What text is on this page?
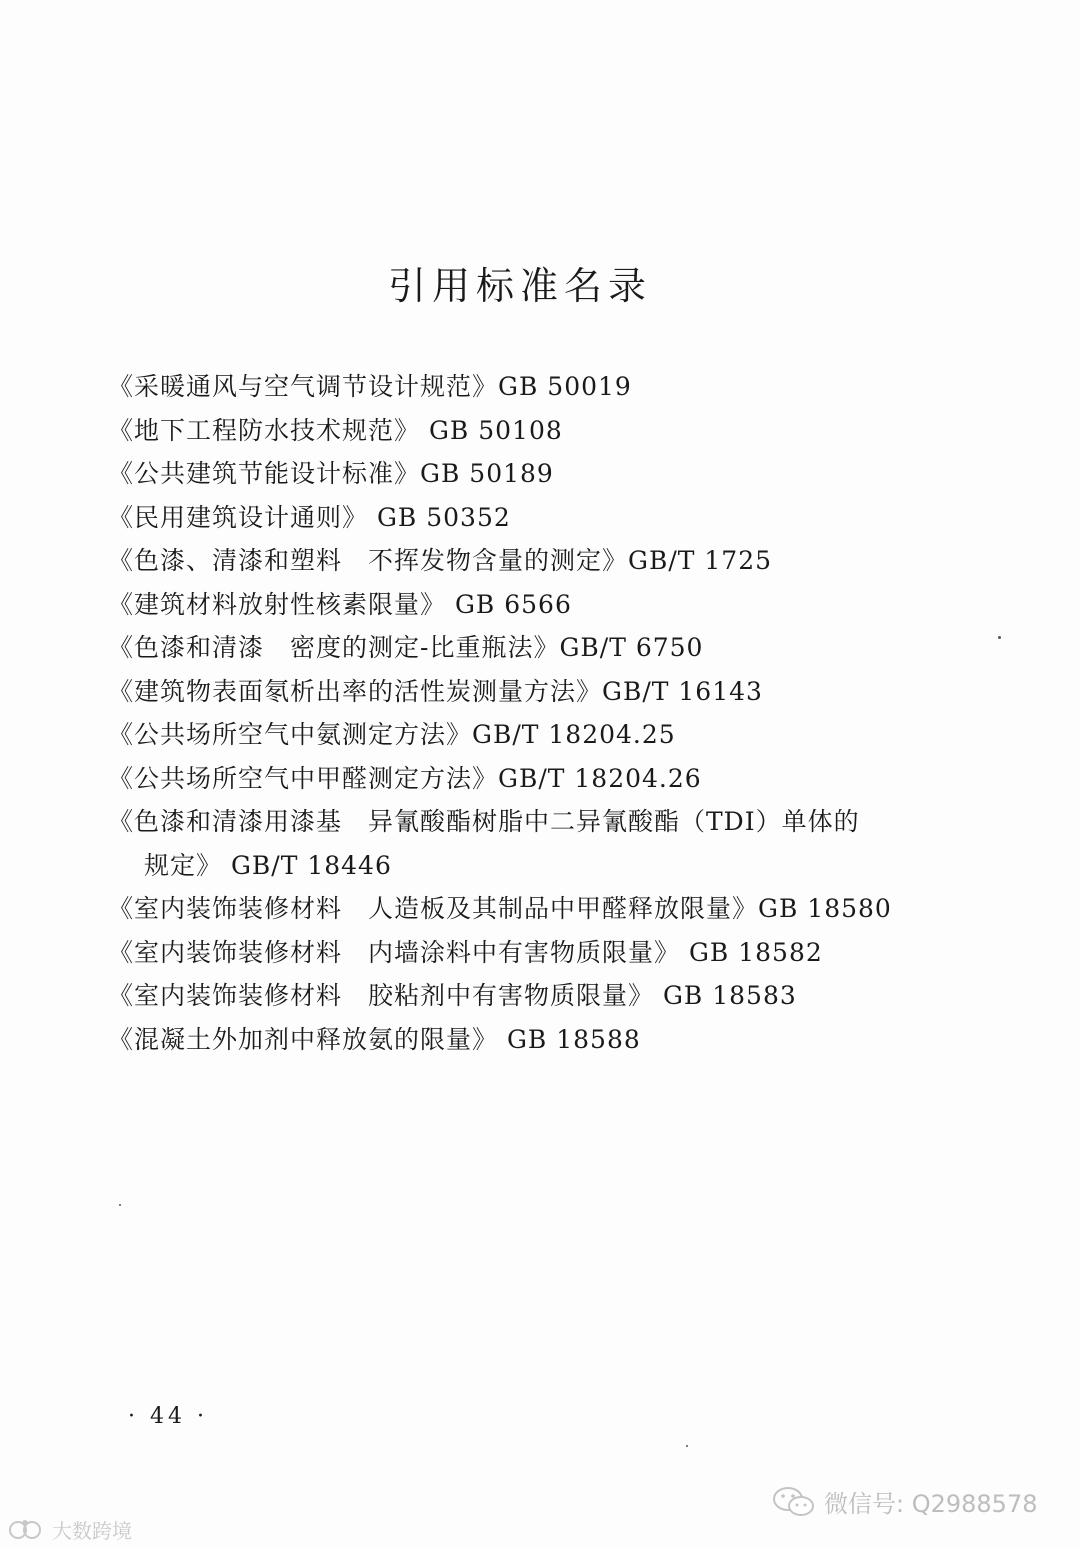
引用标准名录
《采暖通风与空气调节设计规范》GB 50019
《地下工程防水技术规范》 GB 50108
《公共建筑节能设计标准》GB 50189
《民用建筑设计通则》 GB 50352
《色漆、清漆和塑料　不挥发物含量的测定》GB/T 1725
《建筑材料放射性核素限量》 GB 6566
《色漆和清漆　密度的测定-比重瓶法》GB/T 6750
《建筑物表面氡析出率的活性炭测量方法》GB/T 16143
《公共场所空气中氨测定方法》GB/T 18204.25
《公共场所空气中甲醛测定方法》GB/T 18204.26
《色漆和清漆用漆基　异氰酸酯树脂中二异氰酸酯（TDI）单体的
规定》 GB/T 18446
《室内装饰装修材料　人造板及其制品中甲醛释放限量》GB 18580
《室内装饰装修材料　内墙涂料中有害物质限量》 GB 18582
《室内装饰装修材料　胶粘剂中有害物质限量》 GB 18583
《混凝土外加剂中释放氨的限量》 GB 18588
· 44 ·
微信号: Q2988578
大数跨境
